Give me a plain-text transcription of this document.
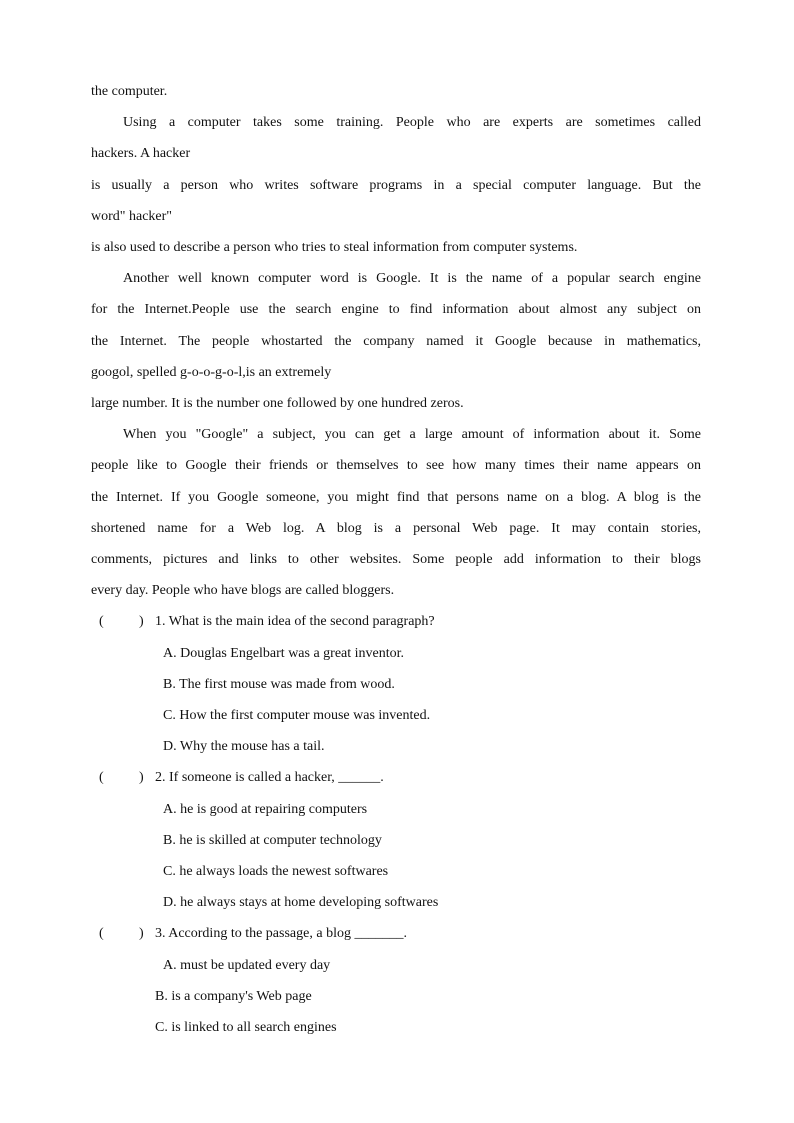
the computer.
Using a computer takes some training. People who are experts are sometimes called
hackers. A hacker
is usually a person who writes software programs in a special computer language. But the
word" hacker"
is also used to describe a person who tries to steal information from computer systems.
Another well known computer word is Google. It is the name of a popular search engine
for the Internet.People use the search engine to find information about almost any subject on
the Internet. The people whostarted the company named it Google because in mathematics,
googol, spelled g-o-o-g-o-l,is an extremely
large number. It is the number one followed by one hundred zeros.
When you "Google" a subject, you can get a large amount of information about it. Some
people like to Google their friends or themselves to see how many times their name appears on
the Internet. If you Google someone, you might find that persons name on a blog. A blog is the
shortened name for a Web log. A blog is a personal Web page. It may contain stories,
comments, pictures and links to other websites. Some people add information to their blogs
every day. People who have blogs are called bloggers.
(	) 1. What is the main idea of the second paragraph?
A. Douglas Engelbart was a great inventor.
B. The first mouse was made from wood.
C. How the first computer mouse was invented.
D. Why the mouse has a tail.
(	) 2. If someone is called a hacker, ______.
A. he is good at repairing computers
B. he is skilled at computer technology
C. he always loads the newest softwares
D. he always stays at home developing softwares
(	) 3. According to the passage, a blog _______.
A. must be updated every day
B. is a company's Web page
C. is linked to all search engines
